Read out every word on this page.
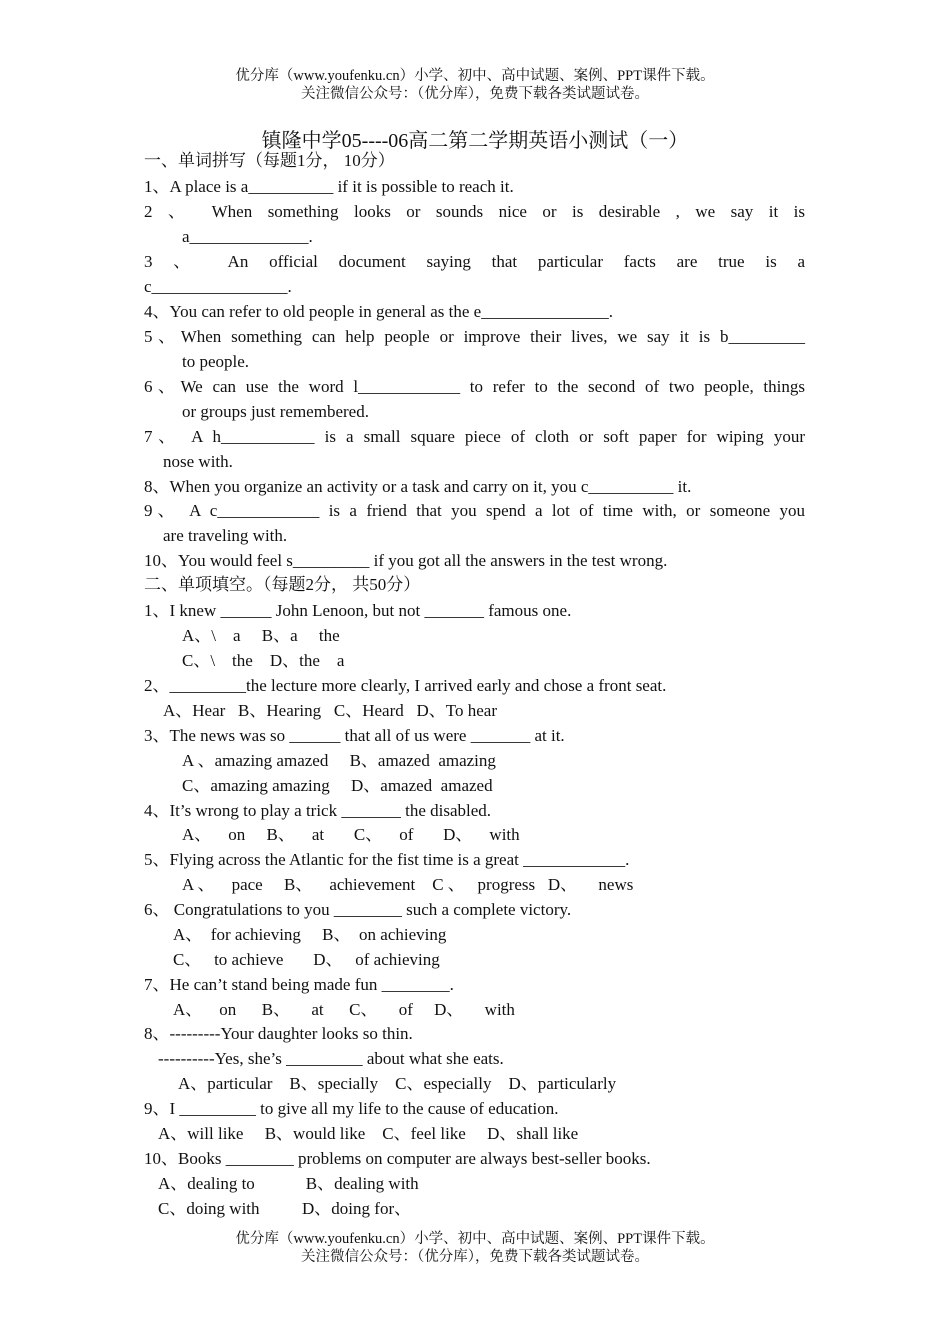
优分库（www.youfenku.cn）小学、初中、高中试题、案例、PPT课件下载。
关注微信公众号：（优分库），免费下载各类试题试卷。
镇隆中学05----06高二第二学期英语小测试（一）
一、单词拼写（每题1分， 10分）
1、A place is a__________ if it is possible to reach it.
2 、 When something looks or sounds nice or is desirable , we say it is
a______________.
3 、 An official document saying that particular facts are true is a
c________________.
4、You can refer to old people in general as the e_______________.
5、When something can help people or improve their lives, we say it is b_________
to people.
6、We can use the word l____________ to refer to the second of two people, things
or groups just remembered.
7、 A h___________ is a small square piece of cloth or soft paper for wiping your
nose with.
8、When you organize an activity or a task and carry on it, you c__________ it.
9、 A c____________ is a friend that you spend a lot of time with, or someone you
are traveling with.
10、You would feel s_________ if you got all the answers in the test wrong.
二、单项填空。（每题2分， 共50分）
1、I knew ______ John Lenoon, but not _______ famous one.
A、\    a     B、a     the
C、\    the    D、the    a
2、_________the lecture more clearly, I arrived early and chose a front seat.
A、Hear   B、Hearing   C、Heard   D、To hear
3、The news was so ______ that all of us were _______ at it.
A 、amazing amazed     B、amazed  amazing
C、amazing amazing     D、amazed  amazed
4、It’s wrong to play a trick _______ the disabled.
A、    on     B、    at       C、    of       D、    with
5、Flying across the Atlantic for the fist time is a great ____________.
A 、    pace     B、    achievement    C 、   progress   D、     news
6、 Congratulations to you ________ such a complete victory.
A、  for achieving     B、  on achieving
C、   to achieve       D、   of achieving
7、He can’t stand being made fun ________.
A、    on      B、     at      C、     of     D、     with
8、---------Your daughter looks so thin.
----------Yes, she’s _________ about what she eats.
A、particular    B、specially    C、especially    D、particularly
9、I _________ to give all my life to the cause of education.
A、will like     B、would like    C、feel like     D、shall like
10、Books ________ problems on computer are always best-seller books.
A、dealing to            B、dealing with
C、doing with          D、doing for、
优分库（www.youfenku.cn）小学、初中、高中试题、案例、PPT课件下载。
关注微信公众号：（优分库），免费下载各类试题试卷。
